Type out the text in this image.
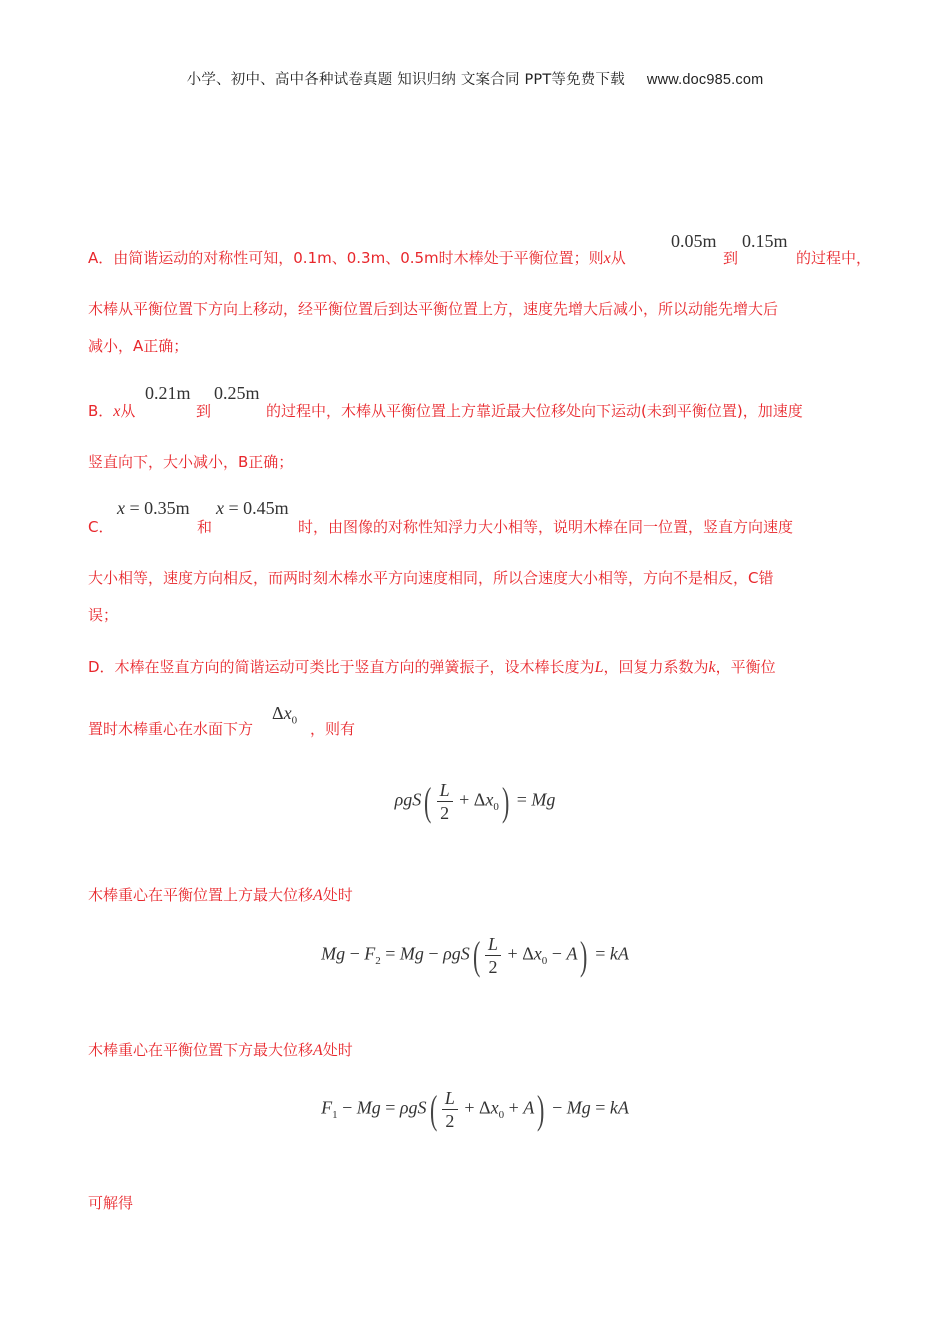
小学、初中、高中各种试卷真题 知识归纳 文案合同 PPT等免费下载 www.doc985.com
A．由简谐运动的对称性可知，0.1m、0.3m、0.5m时木棒处于平衡位置；则x从
0.05m
到
0.15m
的过程中，
木棒从平衡位置下方向上移动，经平衡位置后到达平衡位置上方，速度先增大后减小，所以动能先增大后
减小，A正确；
B．x从
0.21m
到
0.25m
的过程中，木棒从平衡位置上方靠近最大位移处向下运动(未到平衡位置)，加速度
竖直向下，大小减小，B正确；
C．
x = 0.35m
和
x = 0.45m
时，由图像的对称性知浮力大小相等，说明木棒在同一位置，竖直方向速度
大小相等，速度方向相反，而两时刻木棒水平方向速度相同，所以合速度大小相等，方向不是相反，C错
误；
D．木棒在竖直方向的简谐运动可类比于竖直方向的弹簧振子，设木棒长度为L，回复力系数为k，平衡位
置时木棒重心在水面下方
$\Delta x_0$ ，则有
$\rho gS( \frac{L}{2} + \Delta x_0) = Mg$
木棒重心在平衡位置上方最大位移A处时
$Mg - F_2 = Mg - \rho gS( \frac{L}{2} + \Delta x_0 - A)$ = kA
木棒重心在平衡位置下方最大位移A处时
$F_1 - Mg = \rho gS( \frac{L}{2} + \Delta x_0 + A) - Mg$ = kA
可解得
